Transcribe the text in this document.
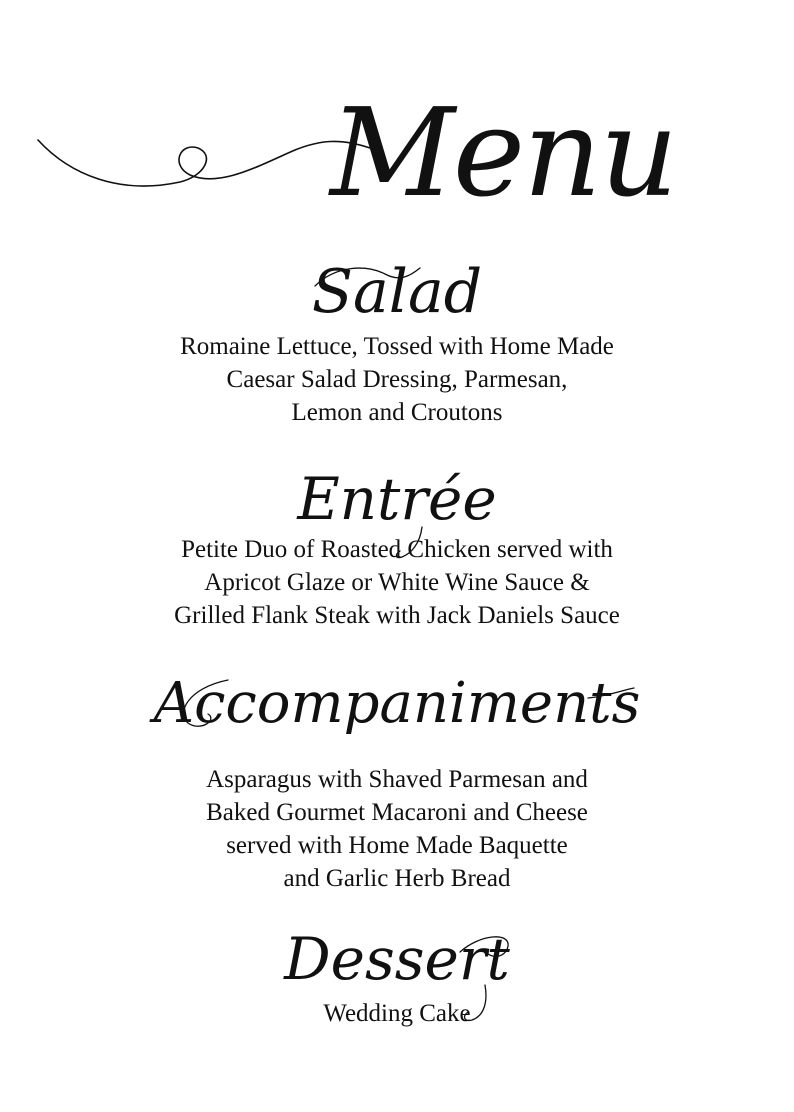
Menu
Salad
Romaine Lettuce, Tossed with Home Made
Caesar Salad Dressing, Parmesan,
Lemon and Croutons
Entrée
Petite Duo of Roasted Chicken served with
Apricot Glaze or White Wine Sauce &
Grilled Flank Steak with Jack Daniels Sauce
Accompaniments
Asparagus with Shaved Parmesan and
Baked Gourmet Macaroni and Cheese
served with Home Made Baquette
and Garlic Herb Bread
Dessert
Wedding Cake
